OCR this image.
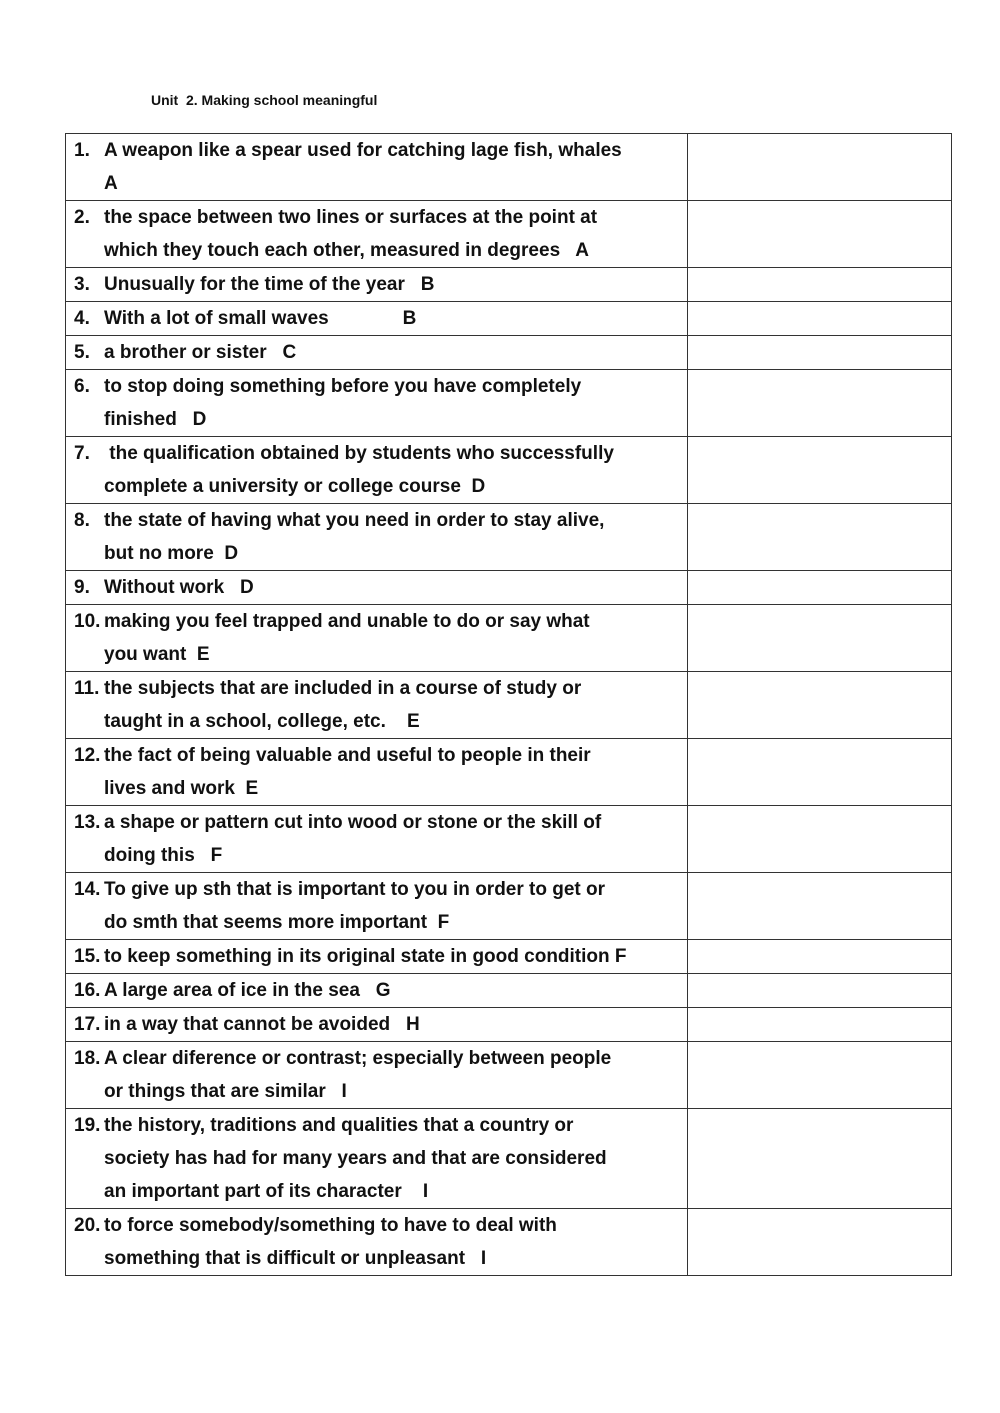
Unit  2. Making school meaningful
1. A weapon like a spear used for catching lage fish, whales
A	

2. the space between two lines or surfaces at the point at
which they touch each other, measured in degrees   A	

3. Unusually for the time of the year   B	

4. With a lot of small waves              B	

5. a brother or sister   C	

6. to stop doing something before you have completely
finished   D	

7. the qualification obtained by students who successfully
complete a university or college course  D	

8. the state of having what you need in order to stay alive,
but no more  D	

9. Without work   D	

10. making you feel trapped and unable to do or say what
you want  E	

11. the subjects that are included in a course of study or
taught in a school, college, etc.    E	

12. the fact of being valuable and useful to people in their
lives and work  E	

13. a shape or pattern cut into wood or stone or the skill of
doing this   F	

14. To give up sth that is important to you in order to get or
do smth that seems more important  F	

15. to keep something in its original state in good condition F	

16. A large area of ice in the sea   G	

17. in a way that cannot be avoided   H	

18. A clear diference or contrast; especially between people
or things that are similar   I	

19. the history, traditions and qualities that a country or
society has had for many years and that are considered
an important part of its character    I	

20. to force somebody/something to have to deal with
something that is difficult or unpleasant   I	
